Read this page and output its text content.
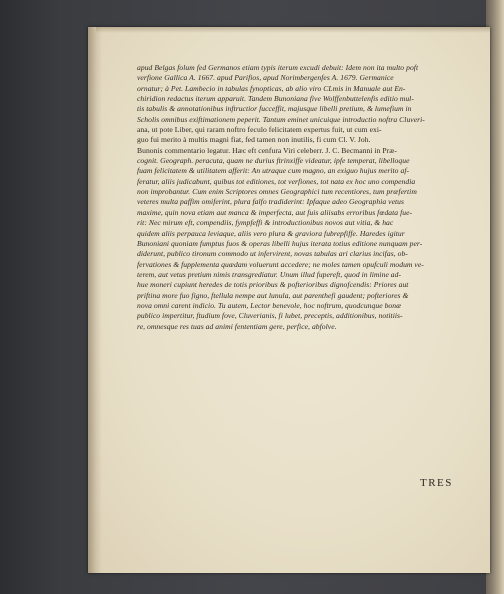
apud Belgas folum fed Germanos etiam typis iterum excudi debuit: Idem non ita multo poft
verfione Gallica A. 1667. apud Parifios, apud Norimbergenfes A. 1679. Germanice
ornatur; à Pet. Lambecio in tabulas fynopticas, ab alio viro CLmis in Manuale aut En-
chiridion redactus iterum apparuit. Tandem Bunoniana five Wolffenbuttelenfis editio mul-
tis tabulis & annotationibus inftructior fucceffit, majusque libelli pretium, & lumefium in
Scholis omnibus exiftimationem peperit. Tantum eminet unicuique introductio noftra Cluveri-
ana, ut pote Liber, qui raram noftro feculo felicitatem expertus fuit, ut cum exi-
guo fui merito à multis magni fiat, fed tamen non inutilis, fi cum Cl. V. Joh.
Bunonis commentario legatur. Hæc eft cenfura Viri celeberr. J. C. Becmanni in Præ-
cognit. Geograph. peracuta, quam ne durius ftrinxiffe videatur, ipfe temperat, libelloque
fuam felicitatem & utilitatem afferit: An utraque cum magno, an exiguo hujus merito af-
feratur, aliis judicabunt, quibus tot editiones, tot verfiones, tot nata ex hoc uno compendia
non improbantur. Cum enim Scriptores omnes Geographici tum recentiores, tum præfertim
veteres multa paffim omiferint, plura falfo tradiderint: Ipfaque adeo Geographia vetus
maxime, quin nova etiam aut manca & imperfecta, aut fuis aliisabs erroribus fœdata fue-
rit: Nec mirum eft, compendiis, fympfeffi & introductionibus novos aut vitia, & hac
quidem aliis perpauca leviaque, aliis vero plura & graviora fubrepfiffe. Haredes igitur
Bunoniani quoniam fumptus fuos & operas libelli hujus iterata totius editione nunquam per-
diderunt, publico tironum commodo ut infervirent, novas tabulas ari clarius incifas, ob-
fervationes & fupplementa quædam voluerunt accedere; ne moles tamen opufculi modum ve-
terem, aut vetus pretium nimis transgrediatur. Unum illud fupereft, quod in limine ad-
hue moneri cupiunt heredes de totis prioribus & pofterioribus dignofcendis: Priores aut
priftina more fuo figno, ftellula nempe aut lunula, aut parenthefi gaudent; pofteriores &
nova omni carent indicio. Tu autem, Lector benevole, hoc noftrum, quodcunque bonæ
publico impertitur, ftudium fove, Cluverianis, fi lubet, preceptis, additionibus, notitiis-
re, omnesque res tuas ad animi fententiam gere, perfice, abfolve.
TRES
